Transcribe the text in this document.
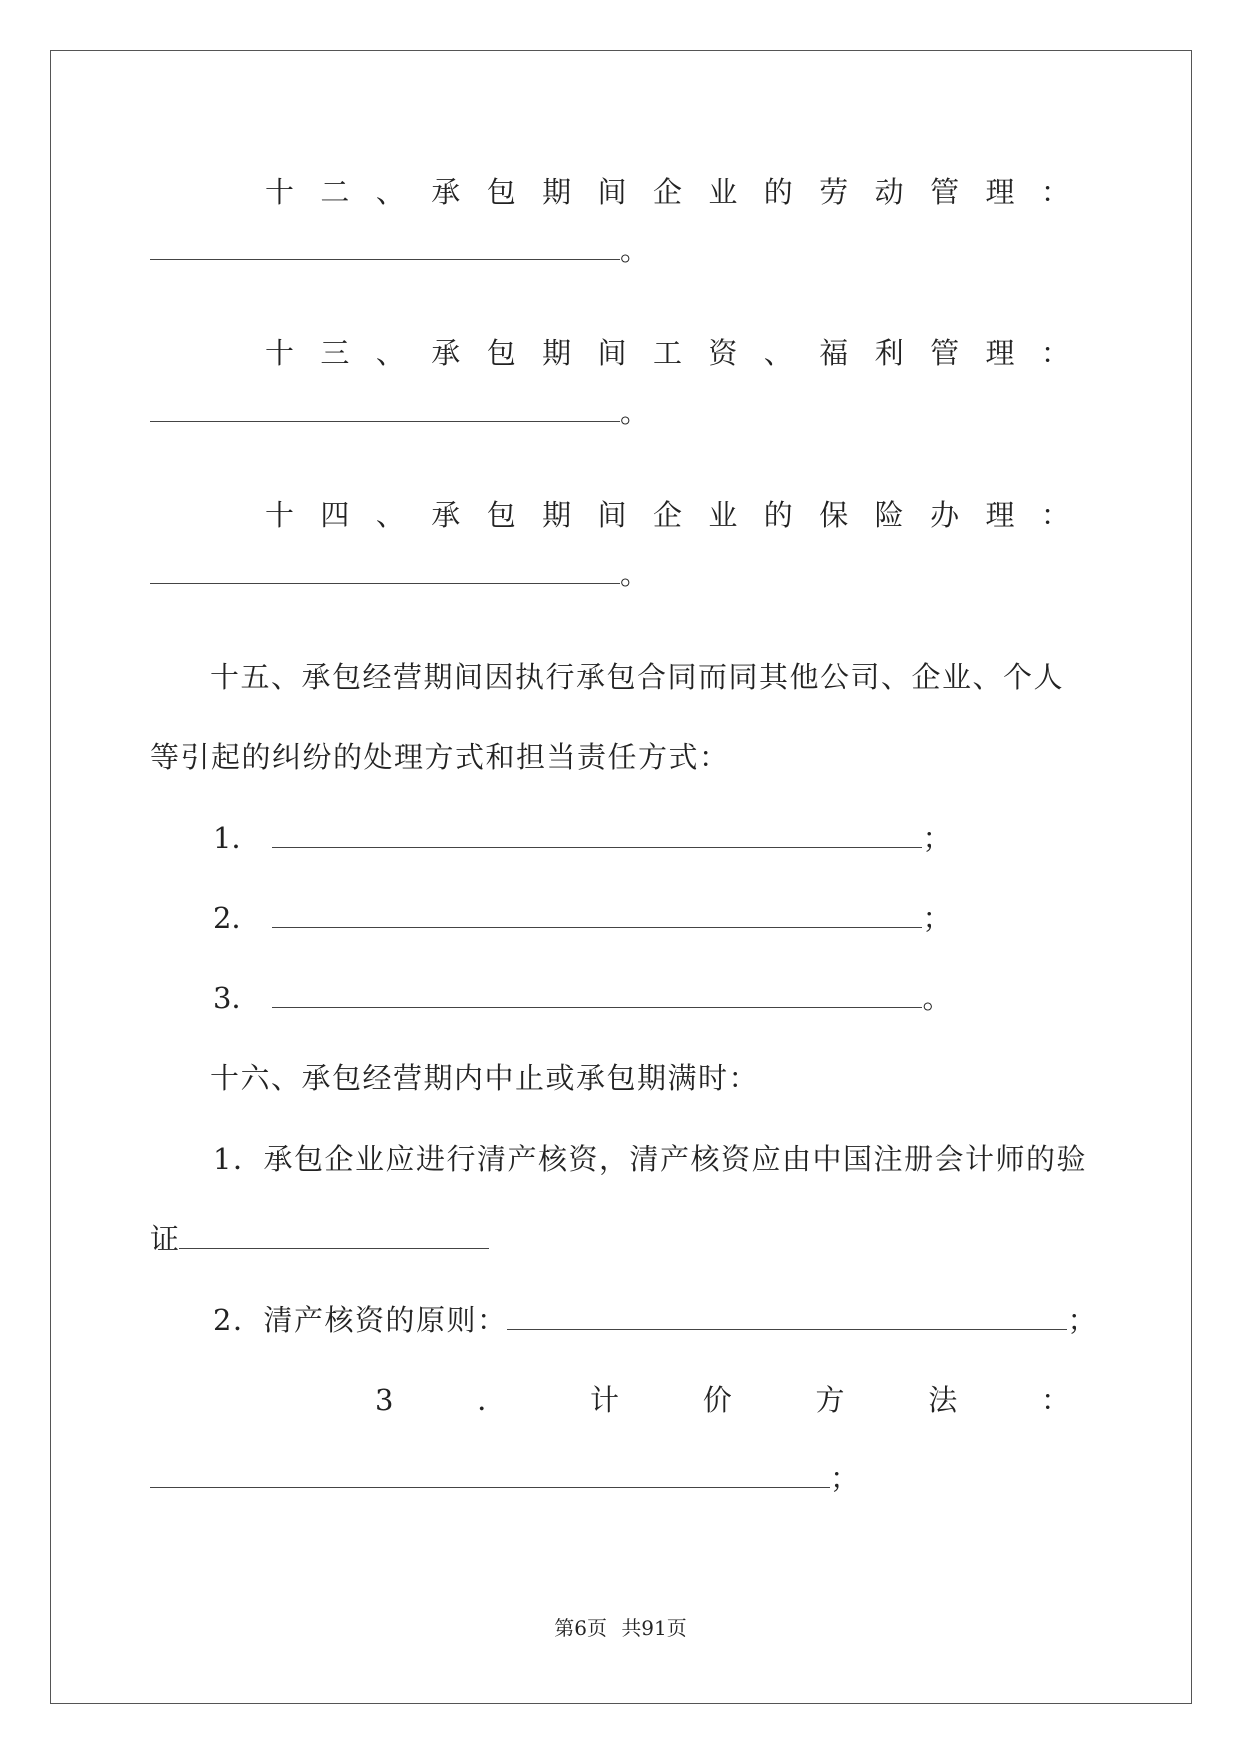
十 二 、 承 包 期 间 企 业 的 劳 动 管 理 ：
。
十 三 、 承 包 期 间 工 资 、 福 利 管 理 ：
。
十 四 、 承 包 期 间 企 业 的 保 险 办 理 ：
。
十五、承包经营期间因执行承包合同而同其他公司、企业、个人
等引起的纠纷的处理方式和担当责任方式：
1．	；
2．	；
3．	。
十六、承包经营期内中止或承包期满时：
1．承包企业应进行清产核资，清产核资应由中国注册会计师的验
证
2．清产核资的原则：	；
3	．	计	价	方	法	：
；
第6页 共91页
